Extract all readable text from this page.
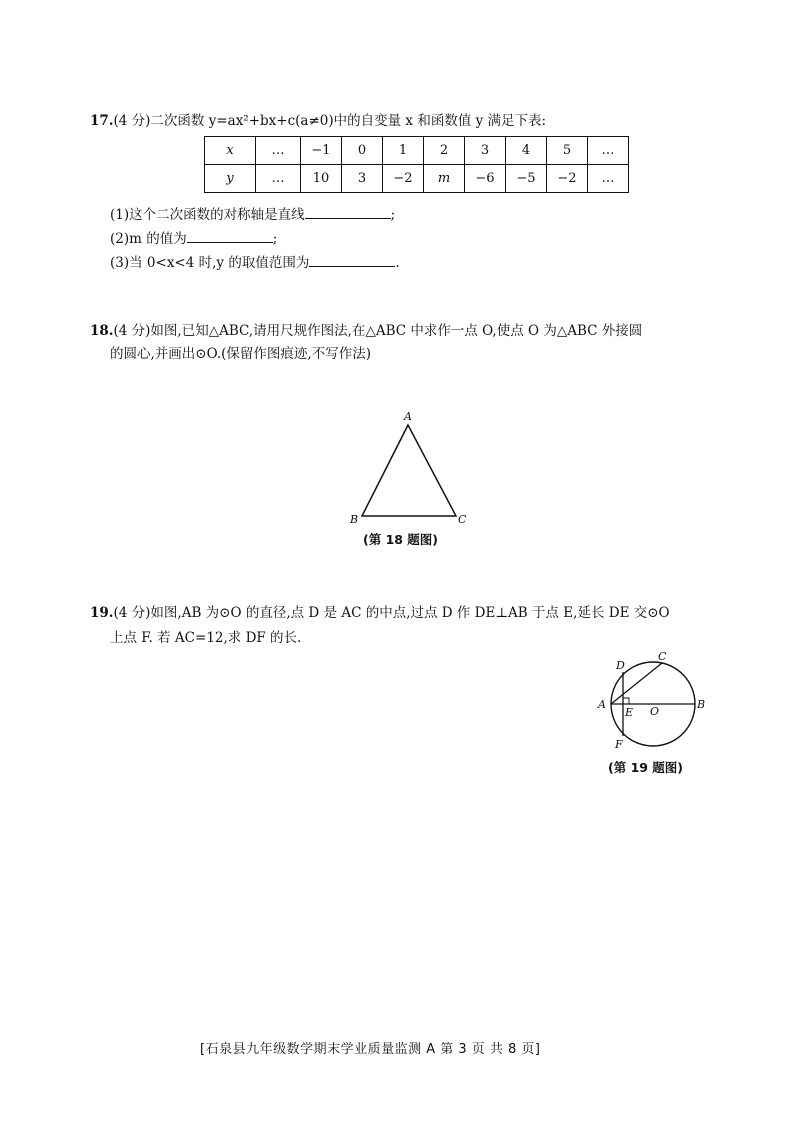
17.(4 分)二次函数 y=ax²+bx+c(a≠0)中的自变量 x 和函数值 y 满足下表:
x	…	−1	0	1	2	3	4	5	…
y	…	10	3	−2	m	−6	−5	−2	…
(1)这个二次函数的对称轴是直线	;
(2)m 的值为	;
(3)当 0<x<4 时,y 的取值范围为	.
18.(4 分)如图,已知△ABC,请用尺规作图法,在△ABC 中求作一点 O,使点 O 为△ABC 外接圆
的圆心,并画出⊙O.(保留作图痕迹,不写作法)
A
B	C
(第 18 题图)
19.(4 分)如图,AB 为⊙O 的直径,点 D 是 AC 的中点,过点 D 作 DE⊥AB 于点 E,延长 DE 交⊙O
上点 F. 若 AC=12,求 DF 的长.
A	B
C
D
E
F
O
(第 19 题图)
[石泉县九年级数学期末学业质量监测 A 第 3 页 共 8 页]
